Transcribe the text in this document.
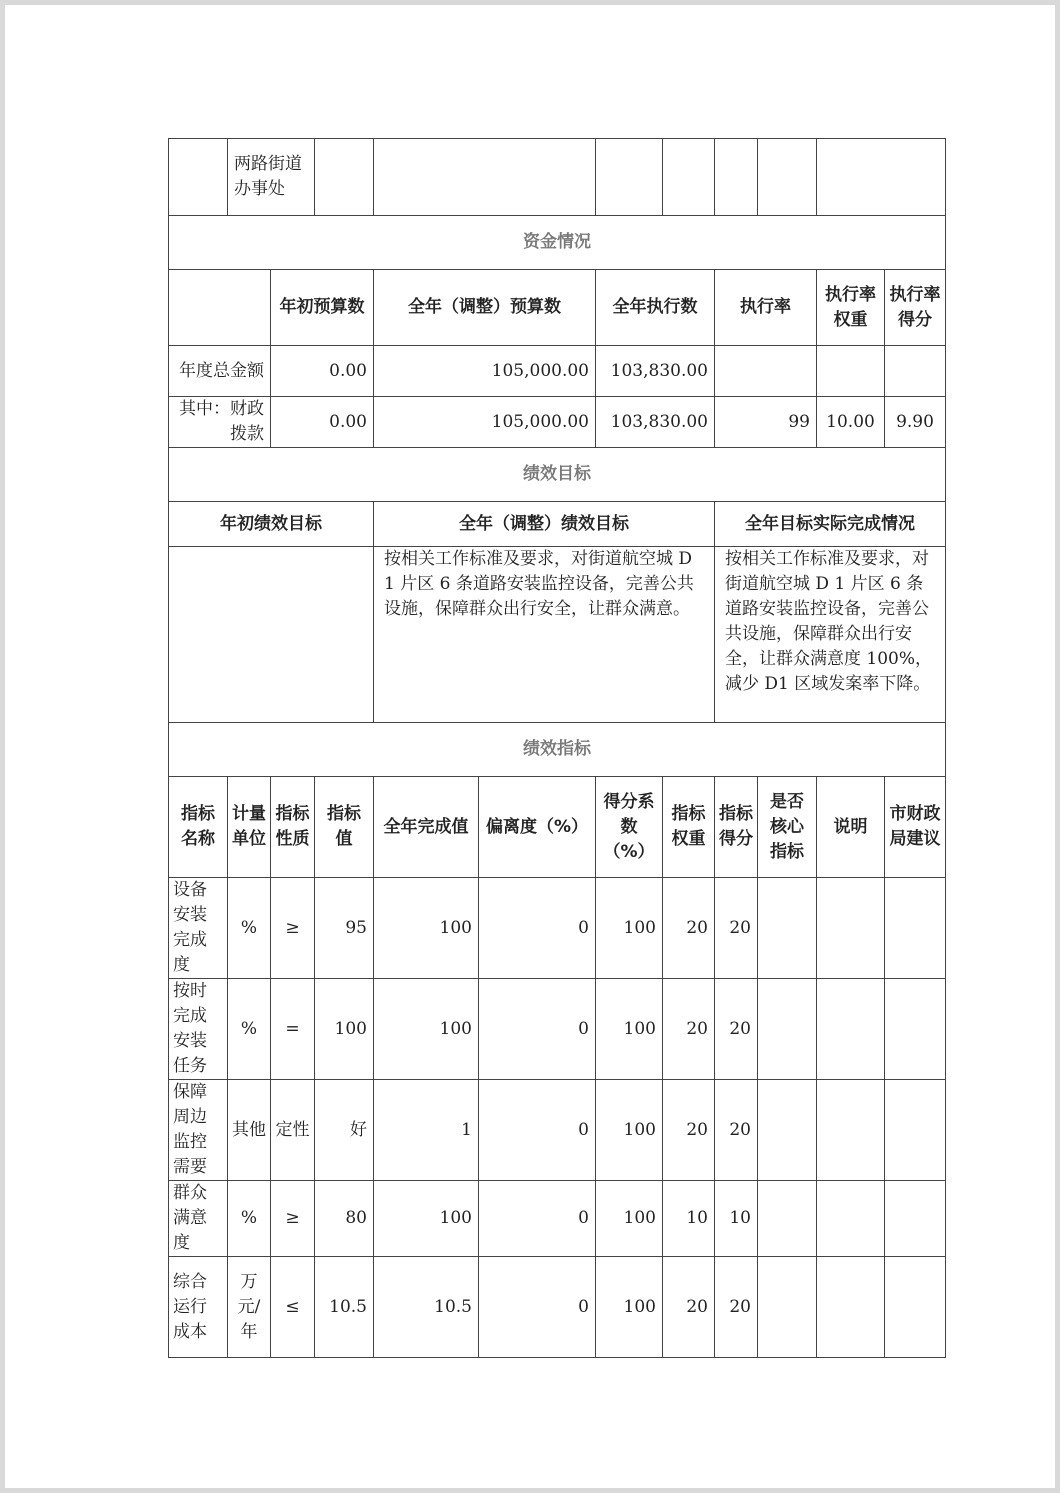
	两路街道办事处										
资金情况											
		年初预算数		全年（调整）预算数		全年执行数		执行率		执行率权重	执行率得分
年度总金额		0.00		105,000.00		103,830.00					
其中：财政拨款		0.00		105,000.00		103,830.00		99		10.00	9.90
绩效目标											
年初绩效目标				全年（调整）绩效目标				全年目标实际完成情况			
				按相关工作标准及要求，对街道航空城 D 1 片区 6 条道路安装监控设备，完善公共设施，保障群众出行安全，让群众满意。				按相关工作标准及要求，对街道航空城 D 1 片区 6 条道路安装监控设备，完善公共设施，保障群众出行安全，让群众满意度 100%，减少 D1 区域发案率下降。			
绩效指标											
指标名称	计量单位	指标性质	指标值	全年完成值	偏离度（%）	得分系数（%）	指标权重	指标得分	是否核心指标	说明	市财政局建议
设备安装完成度	%	≥	95	100	0	100	20	20			
按时完成安装任务	%	=	100	100	0	100	20	20			
保障周边监控需要	其他	定性	好	1	0	100	20	20			
群众满意度	%	≥	80	100	0	100	10	10			
综合运行成本	万元/年	≤	10.5	10.5	0	100	20	20			
